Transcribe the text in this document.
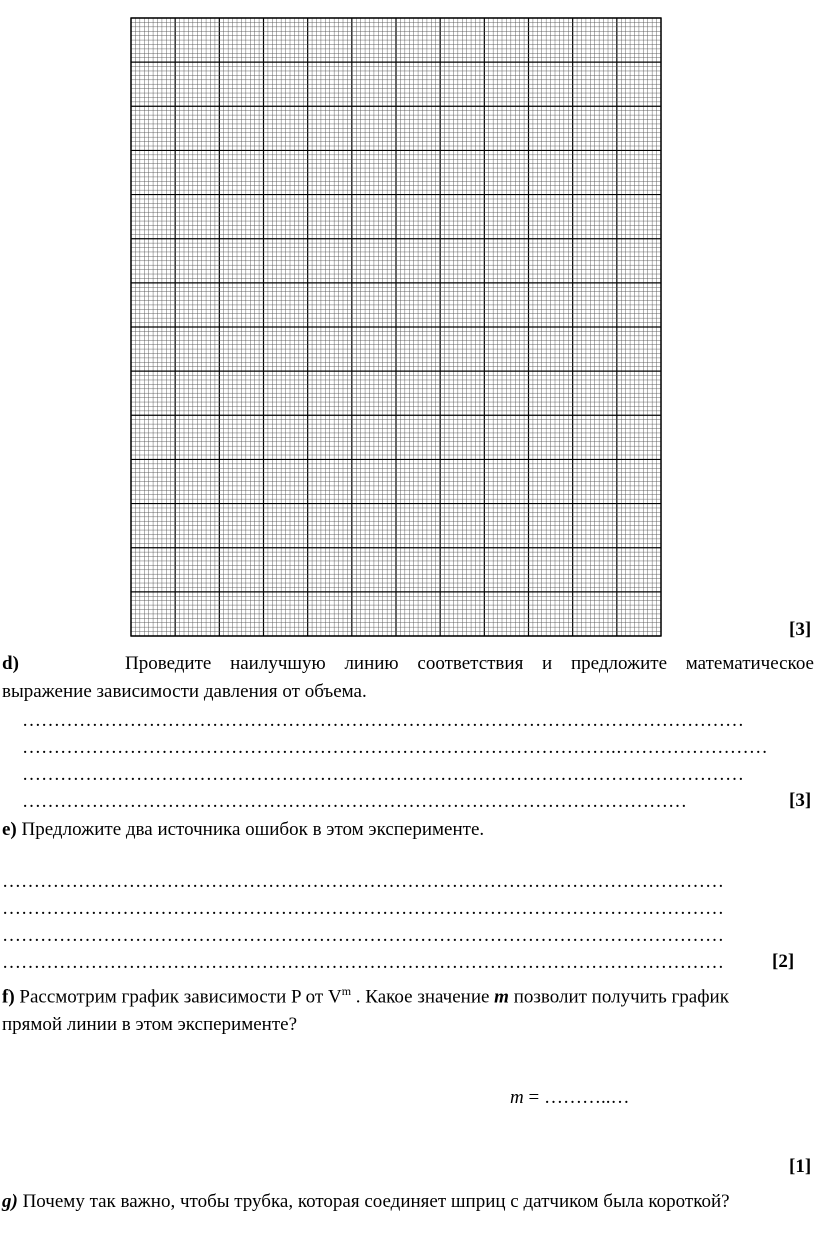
[3]
d)	Проведите наилучшую линию соответствия и предложите математическое
выражение зависимости давления от объема.
……………………………………………………………………………………………………
………………………………………………………………………………….……………………
……………………………………………………………………………………………………
……………………………………………………………………………………………	[3]
e) Предложите два источника ошибок в этом эксперименте.
……………………………………………………………………………………………………
……………………………………………………………………………………………………
……………………………………………………………………………………………………
……………………………………………………………………………………………………	[2]
f) Рассмотрим график зависимости P от $V^m$ . Какое значение m позволит получить график
прямой линии в этом эксперименте?
m = ………..…
[1]
g) Почему так важно, чтобы трубка, которая соединяет шприц с датчиком была короткой?
